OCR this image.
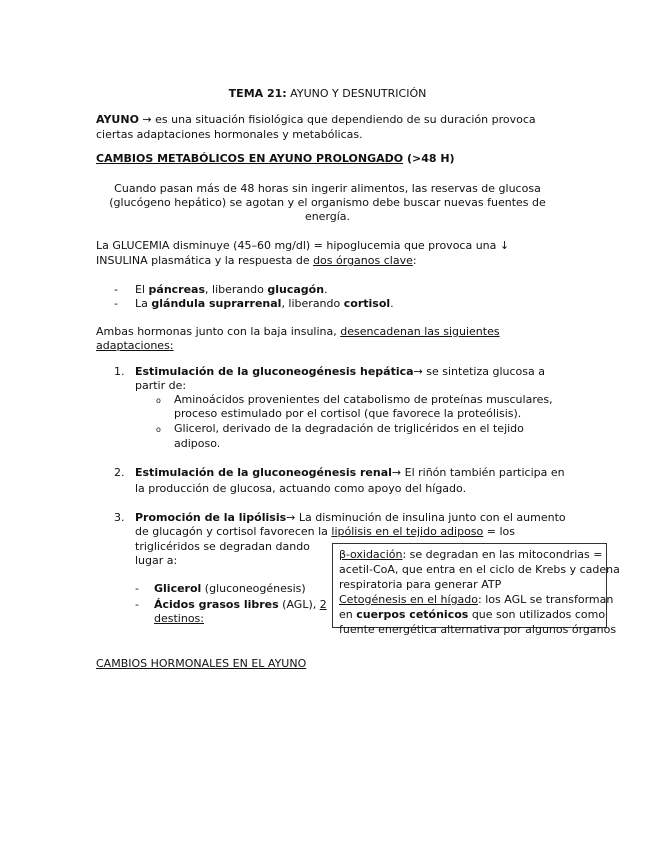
TEMA 21: AYUNO Y DESNUTRICIÓN
AYUNO → es una situación fisiológica que dependiendo de su duración provoca
ciertas adaptaciones hormonales y metabólicas.
CAMBIOS METABÓLICOS EN AYUNO PROLONGADO (>48 H)
Cuando pasan más de 48 horas sin ingerir alimentos, las reservas de glucosa
(glucógeno hepático) se agotan y el organismo debe buscar nuevas fuentes de
energía.
La GLUCEMIA disminuye (45–60 mg/dl) = hipoglucemia que provoca una ↓
INSULINA plasmática y la respuesta de dos órganos clave:
- El páncreas, liberando glucagón.
- La glándula suprarrenal, liberando cortisol.
Ambas hormonas junto con la baja insulina, desencadenan las siguientes
adaptaciones:
1. Estimulación de la gluconeogénesis hepática→ se sintetiza glucosa a
partir de:
o Aminoácidos provenientes del catabolismo de proteínas musculares,
proceso estimulado por el cortisol (que favorece la proteólisis).
o Glicerol, derivado de la degradación de triglicéridos en el tejido
adiposo.
2. Estimulación de la gluconeogénesis renal→ El riñón también participa en
la producción de glucosa, actuando como apoyo del hígado.
3. Promoción de la lipólisis→ La disminución de insulina junto con el aumento
de glucagón y cortisol favorecen la lipólisis en el tejido adiposo = los
triglicéridos se degradan dando
lugar a:
- Glicerol (gluconeogénesis)
- Ácidos grasos libres (AGL), 2
destinos:
β-oxidación: se degradan en las mitocondrias =
acetil-CoA, que entra en el ciclo de Krebs y cadena
respiratoria para generar ATP
Cetogénesis en el hígado: los AGL se transforman
en cuerpos cetónicos que son utilizados como
fuente energética alternativa por algunos órganos
CAMBIOS HORMONALES EN EL AYUNO
